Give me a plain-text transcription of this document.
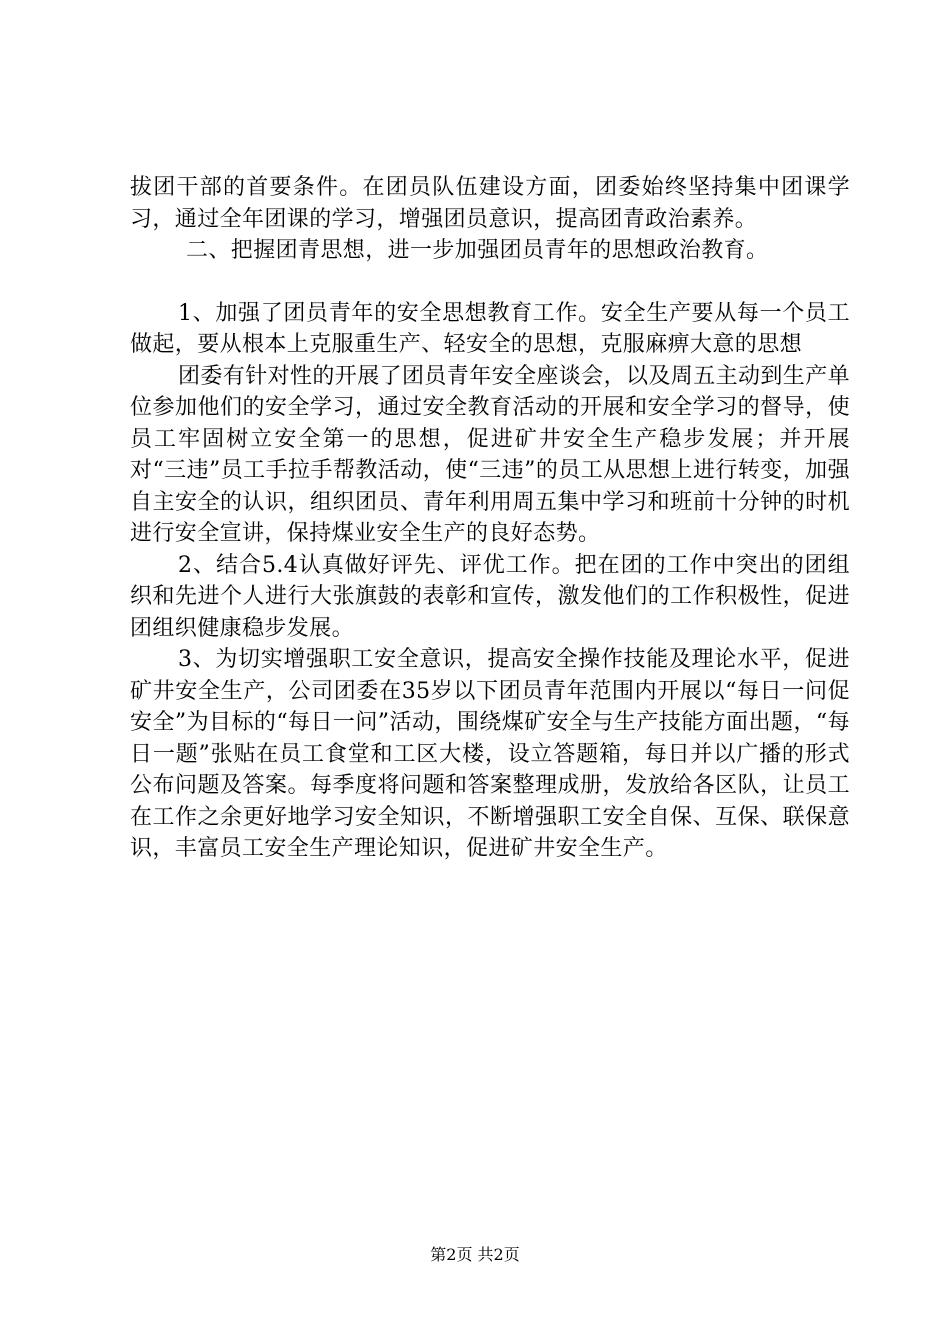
拔团干部的首要条件。在团员队伍建设方面，团委始终坚持集中团课学习，通过全年团课的学习，增强团员意识，提高团青政治素养。

二、把握团青思想，进一步加强团员青年的思想政治教育。

1、加强了团员青年的安全思想教育工作。安全生产要从每一个员工做起，要从根本上克服重生产、轻安全的思想，克服麻痹大意的思想

团委有针对性的开展了团员青年安全座谈会，以及周五主动到生产单位参加他们的安全学习，通过安全教育活动的开展和安全学习的督导，使员工牢固树立安全第一的思想，促进矿井安全生产稳步发展；并开展对“三违”员工手拉手帮教活动，使“三违”的员工从思想上进行转变，加强自主安全的认识，组织团员、青年利用周五集中学习和班前十分钟的时机进行安全宣讲，保持煤业安全生产的良好态势。

2、结合5.4认真做好评先、评优工作。把在团的工作中突出的团组织和先进个人进行大张旗鼓的表彰和宣传，激发他们的工作积极性，促进团组织健康稳步发展。

3、为切实增强职工安全意识，提高安全操作技能及理论水平，促进矿井安全生产，公司团委在35岁以下团员青年范围内开展以“每日一问促安全”为目标的“每日一问”活动，围绕煤矿安全与生产技能方面出题，“每日一题”张贴在员工食堂和工区大楼，设立答题箱，每日并以广播的形式公布问题及答案。每季度将问题和答案整理成册，发放给各区队，让员工在工作之余更好地学习安全知识，不断增强职工安全自保、互保、联保意识，丰富员工安全生产理论知识，促进矿井安全生产。

第2页 共2页
